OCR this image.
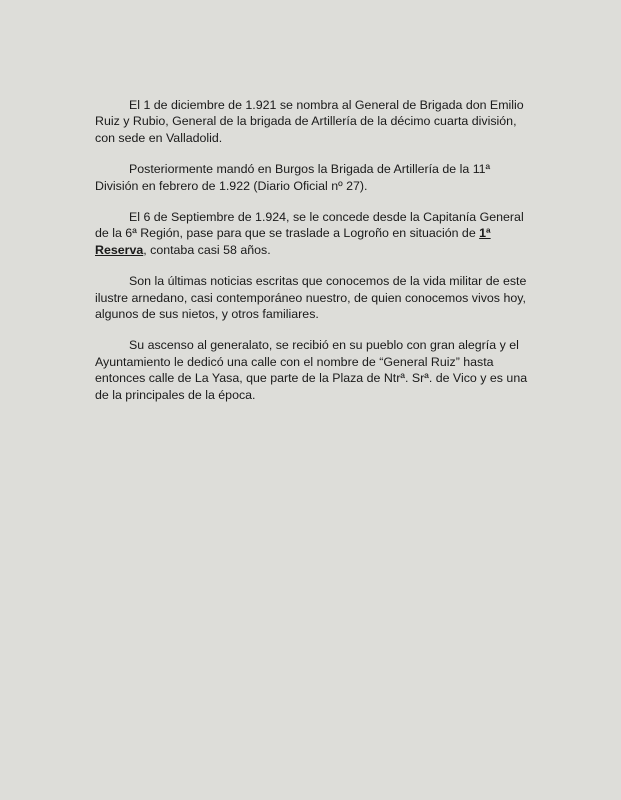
El 1 de diciembre de 1.921 se nombra al General de Brigada don Emilio Ruiz y Rubio, General de la brigada de Artillería de la décimo cuarta división, con sede en Valladolid.

Posteriormente mandó en Burgos la Brigada de Artillería de la 11ª División en febrero de 1.922 (Diario Oficial nº 27).

El 6 de Septiembre de 1.924, se le concede desde la Capitanía General de la 6ª Región, pase para que se traslade a Logroño en situación de 1ª Reserva, contaba casi 58 años.

Son la últimas noticias escritas que conocemos de la vida militar de este ilustre arnedano, casi contemporáneo nuestro, de quien conocemos vivos hoy, algunos de sus nietos, y otros familiares.

Su ascenso al generalato, se recibió en su pueblo con gran alegría y el Ayuntamiento le dedicó una calle con el nombre de “General Ruiz” hasta entonces calle de La Yasa, que parte de la Plaza de Ntrª. Srª. de Vico y es una de la principales de la época.
